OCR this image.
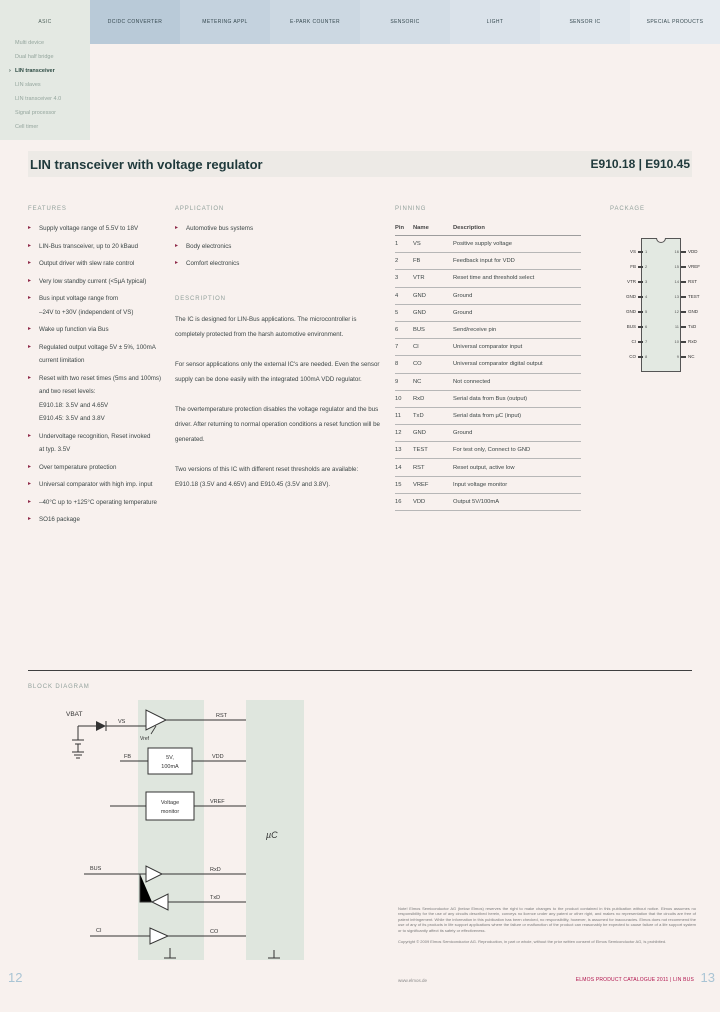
ASIC	DC/DC CONVERTER	METERING APPL	E-PARK COUNTER	SENSORIC	LIGHT	SENSOR IC	SPECIAL PRODUCTS
Multi device
Dual half bridge
› LIN transceiver
LIN slaves
LIN transceiver 4.0
Signal processor
Cell timer
LIN transceiver with voltage regulator	E910.18 | E910.45
FEATURES
▸ Supply voltage range of 5.5V to 18V
▸ LIN-Bus transceiver, up to 20 kBaud
▸ Output driver with slew rate control
▸ Very low standby current (<5µA typical)
▸ Bus input voltage range from
–24V to +30V (independent of VS)
▸ Wake up function via Bus
▸ Regulated output voltage 5V ± 5%, 100mA
current limitation
▸ Reset with two reset times (5ms and 100ms)
and two reset levels:
E910.18: 3.5V and 4.65V
E910.45: 3.5V and 3.8V
▸ Undervoltage recognition, Reset invoked
at typ. 3.5V
▸ Over temperature protection
▸ Universal comparator with high imp. input
▸ –40°C up to +125°C operating temperature
▸ SO16 package
APPLICATION
▸ Automotive bus systems
▸ Body electronics
▸ Comfort electronics
DESCRIPTION

The IC is designed for LIN-Bus applications. The microcontroller is completely protected from the harsh automotive environment.

For sensor applications only the external IC's are needed. Even the sensor supply can be done easily with the integrated 100mA VDD regulator.

The overtemperature protection disables the voltage regulator and the bus driver. After returning to normal operation conditions a reset function will be generated.

Two versions of this IC with different reset thresholds are available: E910.18 (3.5V and 4.65V) and E910.45 (3.5V and 3.8V).

PINNING
Pin	Name	Description
1	VS	Positive supply voltage
2	FB	Feedback input for VDD
3	VTR	Reset time and threshold select
4	GND	Ground
5	GND	Ground
6	BUS	Send/receive pin
7	CI	Universal comparator input
8	CO	Universal comparator digital output
9	NC	Not connected
10	RxD	Serial data from Bus (output)
11	TxD	Serial data from µC (input)
12	GND	Ground
13	TEST	For test only, Connect to GND
14	RST	Reset output, active low
15	VREF	Input voltage monitor
16	VDD	Output 5V/100mA
PACKAGE
VS	1	16	VDD
FB	2	15	VREF
VTR	3	14	RST
GND	4	13	TEST
GND	5	12	GND
BUS	6	11	TxD
CI	7	10	RxD
CO	8	9	NC
BLOCK DIAGRAM
VBAT
VS
Vref
RST
FB	5V,
100mA
VDD
Voltage
monitor
VREF
BUS	RxD
TxD
CI	CO
µC

Note! Elmos Semiconductor AG (below Elmos) reserves the right to make changes to the product contained in this publication without notice. Elmos assumes no responsibility for the use of any circuits described herein, conveys no licence under any patent or other right, and makes no representation that the circuits are free of patent infringement. While the information in this publication has been checked, no responsibility, however, is assumed for inaccuracies. Elmos does not recommend the use of any of its products in life support applications where the failure or malfunction of the product can reasonably be expected to cause failure of a life support system or to significantly affect its safety or effectiveness.

Copyright © 2009 Elmos Semiconductor AG. Reproduction, in part or whole, without the prior written consent of Elmos Semiconductor AG, is prohibited.

www.elmos.de	ELMOS PRODUCT CATALOGUE 2011 | LIN BUS
12	13
